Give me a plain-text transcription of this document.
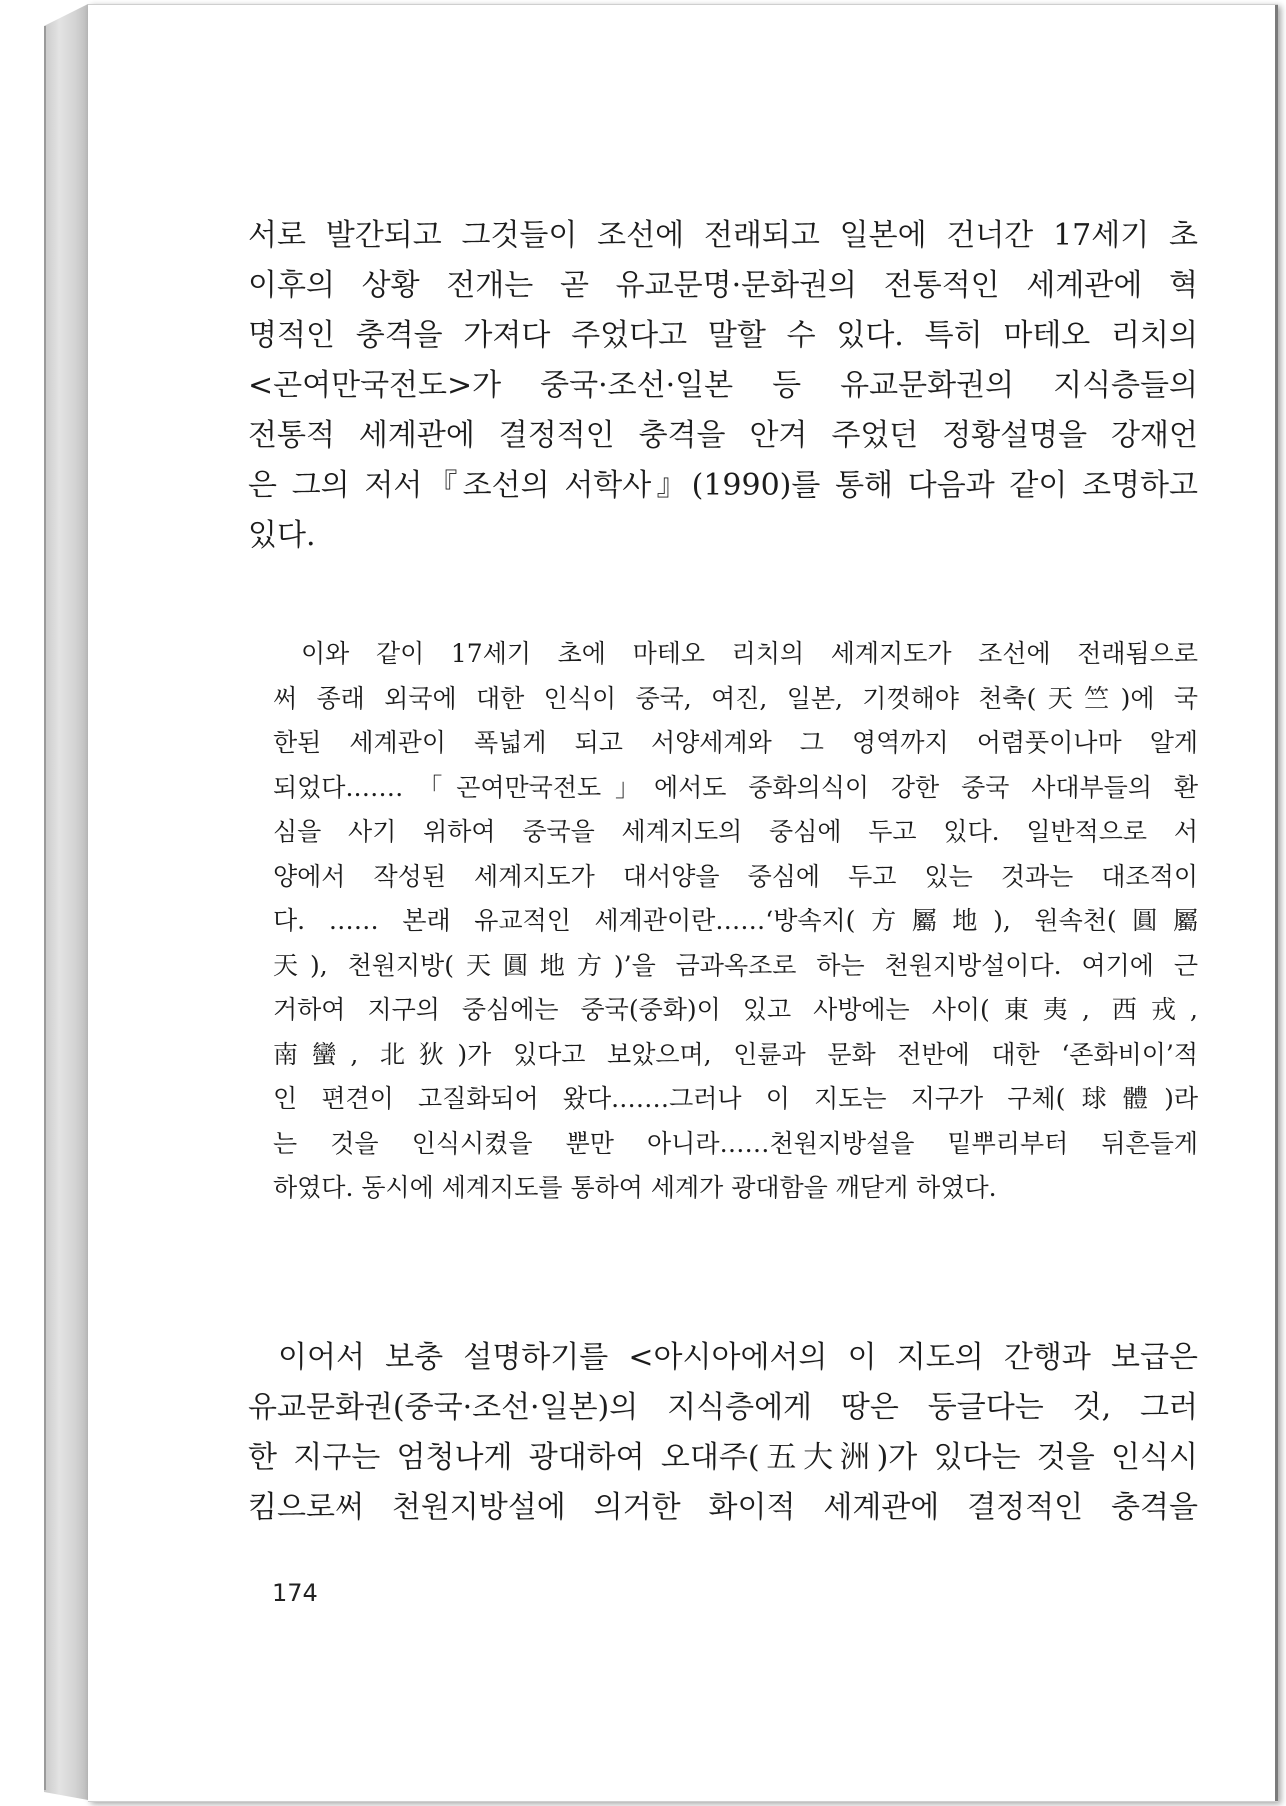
서로 발간되고 그것들이 조선에 전래되고 일본에 건너간 17세기 초
이후의 상황 전개는 곧 유교문명·문화권의 전통적인 세계관에 혁
명적인 충격을 가져다 주었다고 말할 수 있다. 특히 마테오 리치의
<곤여만국전도>가 중국·조선·일본 등 유교문화권의 지식층들의
전통적 세계관에 결정적인 충격을 안겨 주었던 정황설명을 강재언
은 그의 저서『조선의 서학사』(1990)를 통해 다음과 같이 조명하고
있다.
이와 같이 17세기 초에 마테오 리치의 세계지도가 조선에 전래됨으로
써 종래 외국에 대한 인식이 중국, 여진, 일본, 기껏해야 천축(天竺)에 국
한된 세계관이 폭넓게 되고 서양세계와 그 영역까지 어렴풋이나마 알게
되었다.……「곤여만국전도」에서도 중화의식이 강한 중국 사대부들의 환
심을 사기 위하여 중국을 세계지도의 중심에 두고 있다. 일반적으로 서
양에서 작성된 세계지도가 대서양을 중심에 두고 있는 것과는 대조적이
다. …… 본래 유교적인 세계관이란……‘방속지(方屬地), 원속천(圓屬
天), 천원지방(天圓地方)’을 금과옥조로 하는 천원지방설이다. 여기에 근
거하여 지구의 중심에는 중국(중화)이 있고 사방에는 사이(東夷, 西戎,
南蠻, 北狄)가 있다고 보았으며, 인륜과 문화 전반에 대한 ‘존화비이’적
인 편견이 고질화되어 왔다.……그러나 이 지도는 지구가 구체(球體)라
는 것을 인식시켰을 뿐만 아니라……천원지방설을 밑뿌리부터 뒤흔들게
하였다. 동시에 세계지도를 통하여 세계가 광대함을 깨닫게 하였다.
이어서 보충 설명하기를 <아시아에서의 이 지도의 간행과 보급은
유교문화권(중국·조선·일본)의 지식층에게 땅은 둥글다는 것, 그러
한 지구는 엄청나게 광대하여 오대주(五大洲)가 있다는 것을 인식시
킴으로써 천원지방설에 의거한 화이적 세계관에 결정적인 충격을
174
